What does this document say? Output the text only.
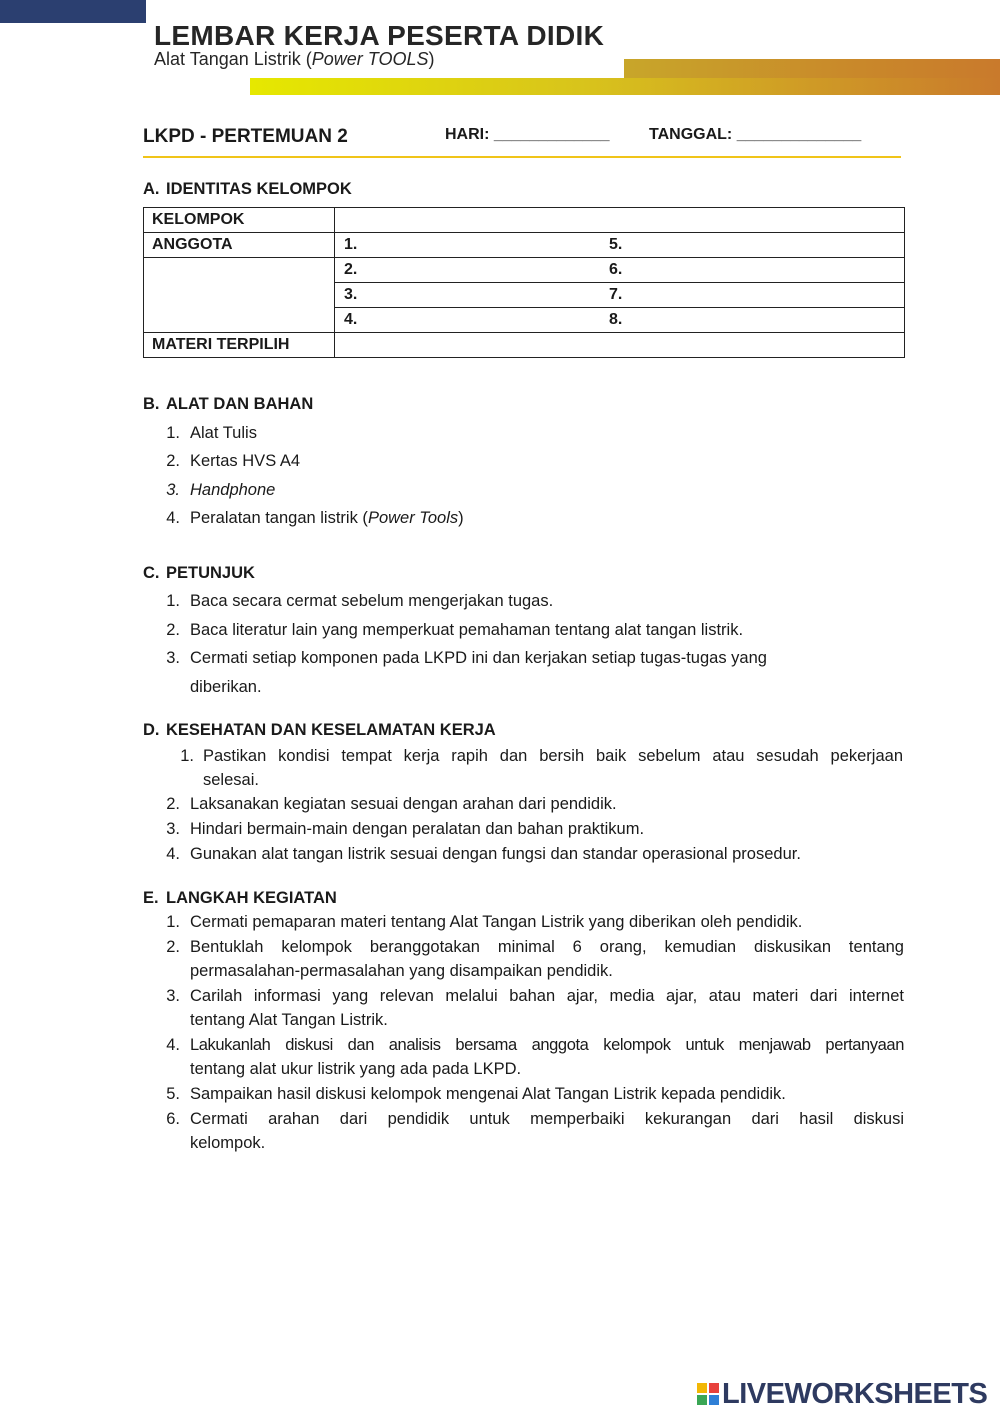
LEMBAR KERJA PESERTA DIDIK
Alat Tangan Listrik (Power TOOLS)
LKPD - PERTEMUAN 2	HARI: _____________ TANGGAL: ______________
A. IDENTITAS KELOMPOK
KELOMPOK	
ANGGOTA	1. 5.

	2. 6.

	3. 7.

	4. 8.

MATERI TERPILIH	
B. ALAT DAN BAHAN
1. Alat Tulis
2. Kertas HVS A4
3. Handphone
4. Peralatan tangan listrik (Power Tools)
C. PETUNJUK
1. Baca secara cermat sebelum mengerjakan tugas.
2. Baca literatur lain yang memperkuat pemahaman tentang alat tangan listrik.
3. Cermati setiap komponen pada LKPD ini dan kerjakan setiap tugas-tugas yang
diberikan.
D. KESEHATAN DAN KESELAMATAN KERJA
1. Pastikan kondisi tempat kerja rapih dan bersih baik sebelum atau sesudah pekerjaan
selesai.
2. Laksanakan kegiatan sesuai dengan arahan dari pendidik.
3. Hindari bermain-main dengan peralatan dan bahan praktikum.
4. Gunakan alat tangan listrik sesuai dengan fungsi dan standar operasional prosedur.
E. LANGKAH KEGIATAN
1. Cermati pemaparan materi tentang Alat Tangan Listrik yang diberikan oleh pendidik.
2. Bentuklah kelompok beranggotakan minimal 6 orang, kemudian diskusikan tentang
permasalahan-permasalahan yang disampaikan pendidik.
3. Carilah informasi yang relevan melalui bahan ajar, media ajar, atau materi dari internet
tentang Alat Tangan Listrik.
4. Lakukanlah diskusi dan analisis bersama anggota kelompok untuk menjawab pertanyaan
tentang alat ukur listrik yang ada pada LKPD.
5. Sampaikan hasil diskusi kelompok mengenai Alat Tangan Listrik kepada pendidik.
6. Cermati arahan dari pendidik untuk memperbaiki kekurangan dari hasil diskusi
kelompok.
LIVEWORKSHEETS
